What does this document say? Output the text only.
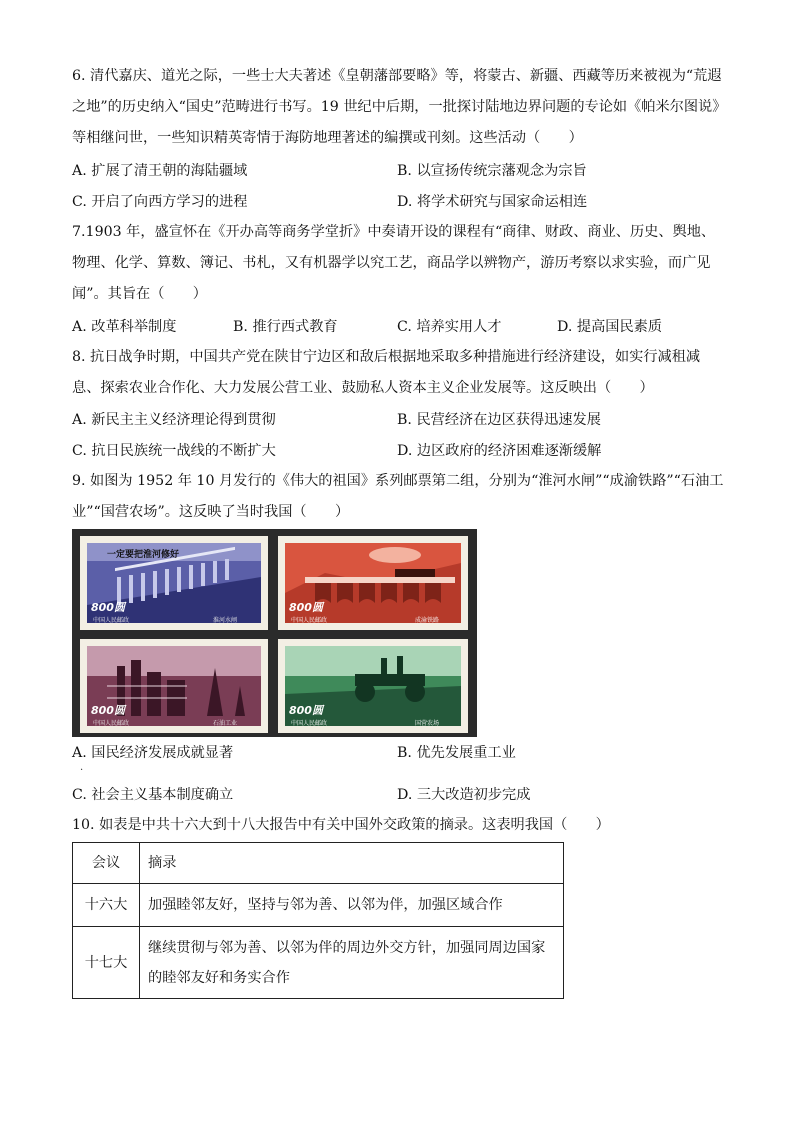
6. 清代嘉庆、道光之际，一些士大夫著述《皇朝藩部要略》等，将蒙古、新疆、西藏等历来被视为“荒遐之地”的历史纳入“国史”范畴进行书写。19 世纪中后期，一批探讨陆地边界问题的专论如《帕米尔图说》等相继问世，一些知识精英寄情于海防地理著述的编撰或刊刻。这些活动（　　）

A. 扩展了清王朝的海陆疆域	B. 以宣扬传统宗藩观念为宗旨
C. 开启了向西方学习的进程	D. 将学术研究与国家命运相连

7.1903 年，盛宣怀在《开办高等商务学堂折》中奏请开设的课程有“商律、财政、商业、历史、舆地、物理、化学、算数、簿记、书札，又有机器学以究工艺，商品学以辨物产，游历考察以求实验，而广见闻”。其旨在（　　）

A. 改革科举制度	B. 推行西式教育	C. 培养实用人才	D. 提高国民素质

8. 抗日战争时期，中国共产党在陕甘宁边区和敌后根据地采取多种措施进行经济建设，如实行减租减息、探索农业合作化、大力发展公营工业、鼓励私人资本主义企业发展等。这反映出（　　）

A. 新民主主义经济理论得到贯彻	B. 民营经济在边区获得迅速发展
C. 抗日民族统一战线的不断扩大	D. 边区政府的经济困难逐渐缓解

9. 如图为 1952 年 10 月发行的《伟大的祖国》系列邮票第二组，分别为“淮河水闸”“成渝铁路”“石油工业”“国营农场”。这反映了当时我国（　　）

一定要把淮河修好
800圆
中国人民邮政	淮河水闸
800圆
中国人民邮政	成渝铁路
800圆
中国人民邮政	石油工业
800圆
中国人民邮政	国营农场
A. 国民经济发展成就显著	B. 优先发展重工业
.
C. 社会主义基本制度确立	D. 三大改造初步完成

10. 如表是中共十六大到十八大报告中有关中国外交政策的摘录。这表明我国（　　）

会议	摘录
十六大	加强睦邻友好，坚持与邻为善、以邻为伴，加强区域合作
十七大	继续贯彻与邻为善、以邻为伴的周边外交方针，加强同周边国家的睦邻友好和务实合作
